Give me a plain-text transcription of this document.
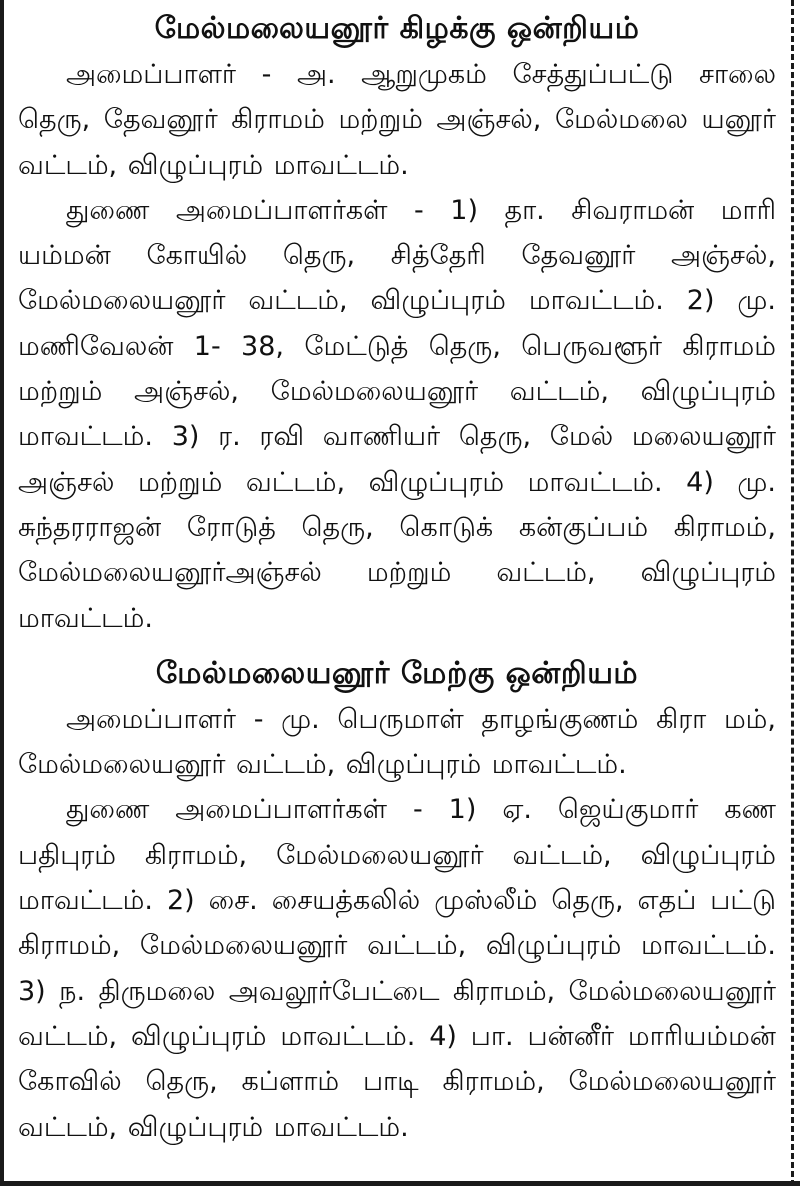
மேல்மலையனூர் கிழக்கு ஒன்றியம்

அமைப்பாளர் - அ. ஆறுமுகம் சேத்துப்பட்டு சாலை தெரு, தேவனூர் கிராமம் மற்றும் அஞ்சல், மேல்மலை யனூர் வட்டம், விழுப்புரம் மாவட்டம்.

துணை அமைப்பாளர்கள் - 1) தா. சிவராமன் மாரி யம்மன் கோயில் தெரு, சித்தேரி தேவனூர் அஞ்சல், மேல்மலையனூர் வட்டம், விழுப்புரம் மாவட்டம். 2) மு. மணிவேலன் 1- 38, மேட்டுத் தெரு, பெருவளூர் கிராமம் மற்றும் அஞ்சல், மேல்மலையனூர் வட்டம், விழுப்புரம் மாவட்டம். 3) ர. ரவி வாணியர் தெரு, மேல் மலையனூர் அஞ்சல் மற்றும் வட்டம், விழுப்புரம் மாவட்டம். 4) மு. சுந்தரராஜன் ரோடுத் தெரு, கொடுக் கன்குப்பம் கிராமம், மேல்மலையனூர்அஞ்சல் மற்றும் வட்டம், விழுப்புரம் மாவட்டம்.

மேல்மலையனூர் மேற்கு ஒன்றியம்

அமைப்பாளர் - மு. பெருமாள் தாழங்குணம் கிரா மம், மேல்மலையனூர் வட்டம், விழுப்புரம் மாவட்டம்.

துணை அமைப்பாளர்கள் - 1) ஏ. ஜெய்குமார் கண பதிபுரம் கிராமம், மேல்மலையனூர் வட்டம், விழுப்புரம் மாவட்டம். 2) சை. சையத்கலில் முஸ்லீம் தெரு, எதப் பட்டு கிராமம், மேல்மலையனூர் வட்டம், விழுப்புரம் மாவட்டம். 3) ந. திருமலை அவலூர்பேட்டை கிராமம், மேல்மலையனூர் வட்டம், விழுப்புரம் மாவட்டம். 4) பா. பன்னீர் மாரியம்மன் கோவில் தெரு, கப்ளாம் பாடி கிராமம், மேல்மலையனூர் வட்டம், விழுப்புரம் மாவட்டம்.
